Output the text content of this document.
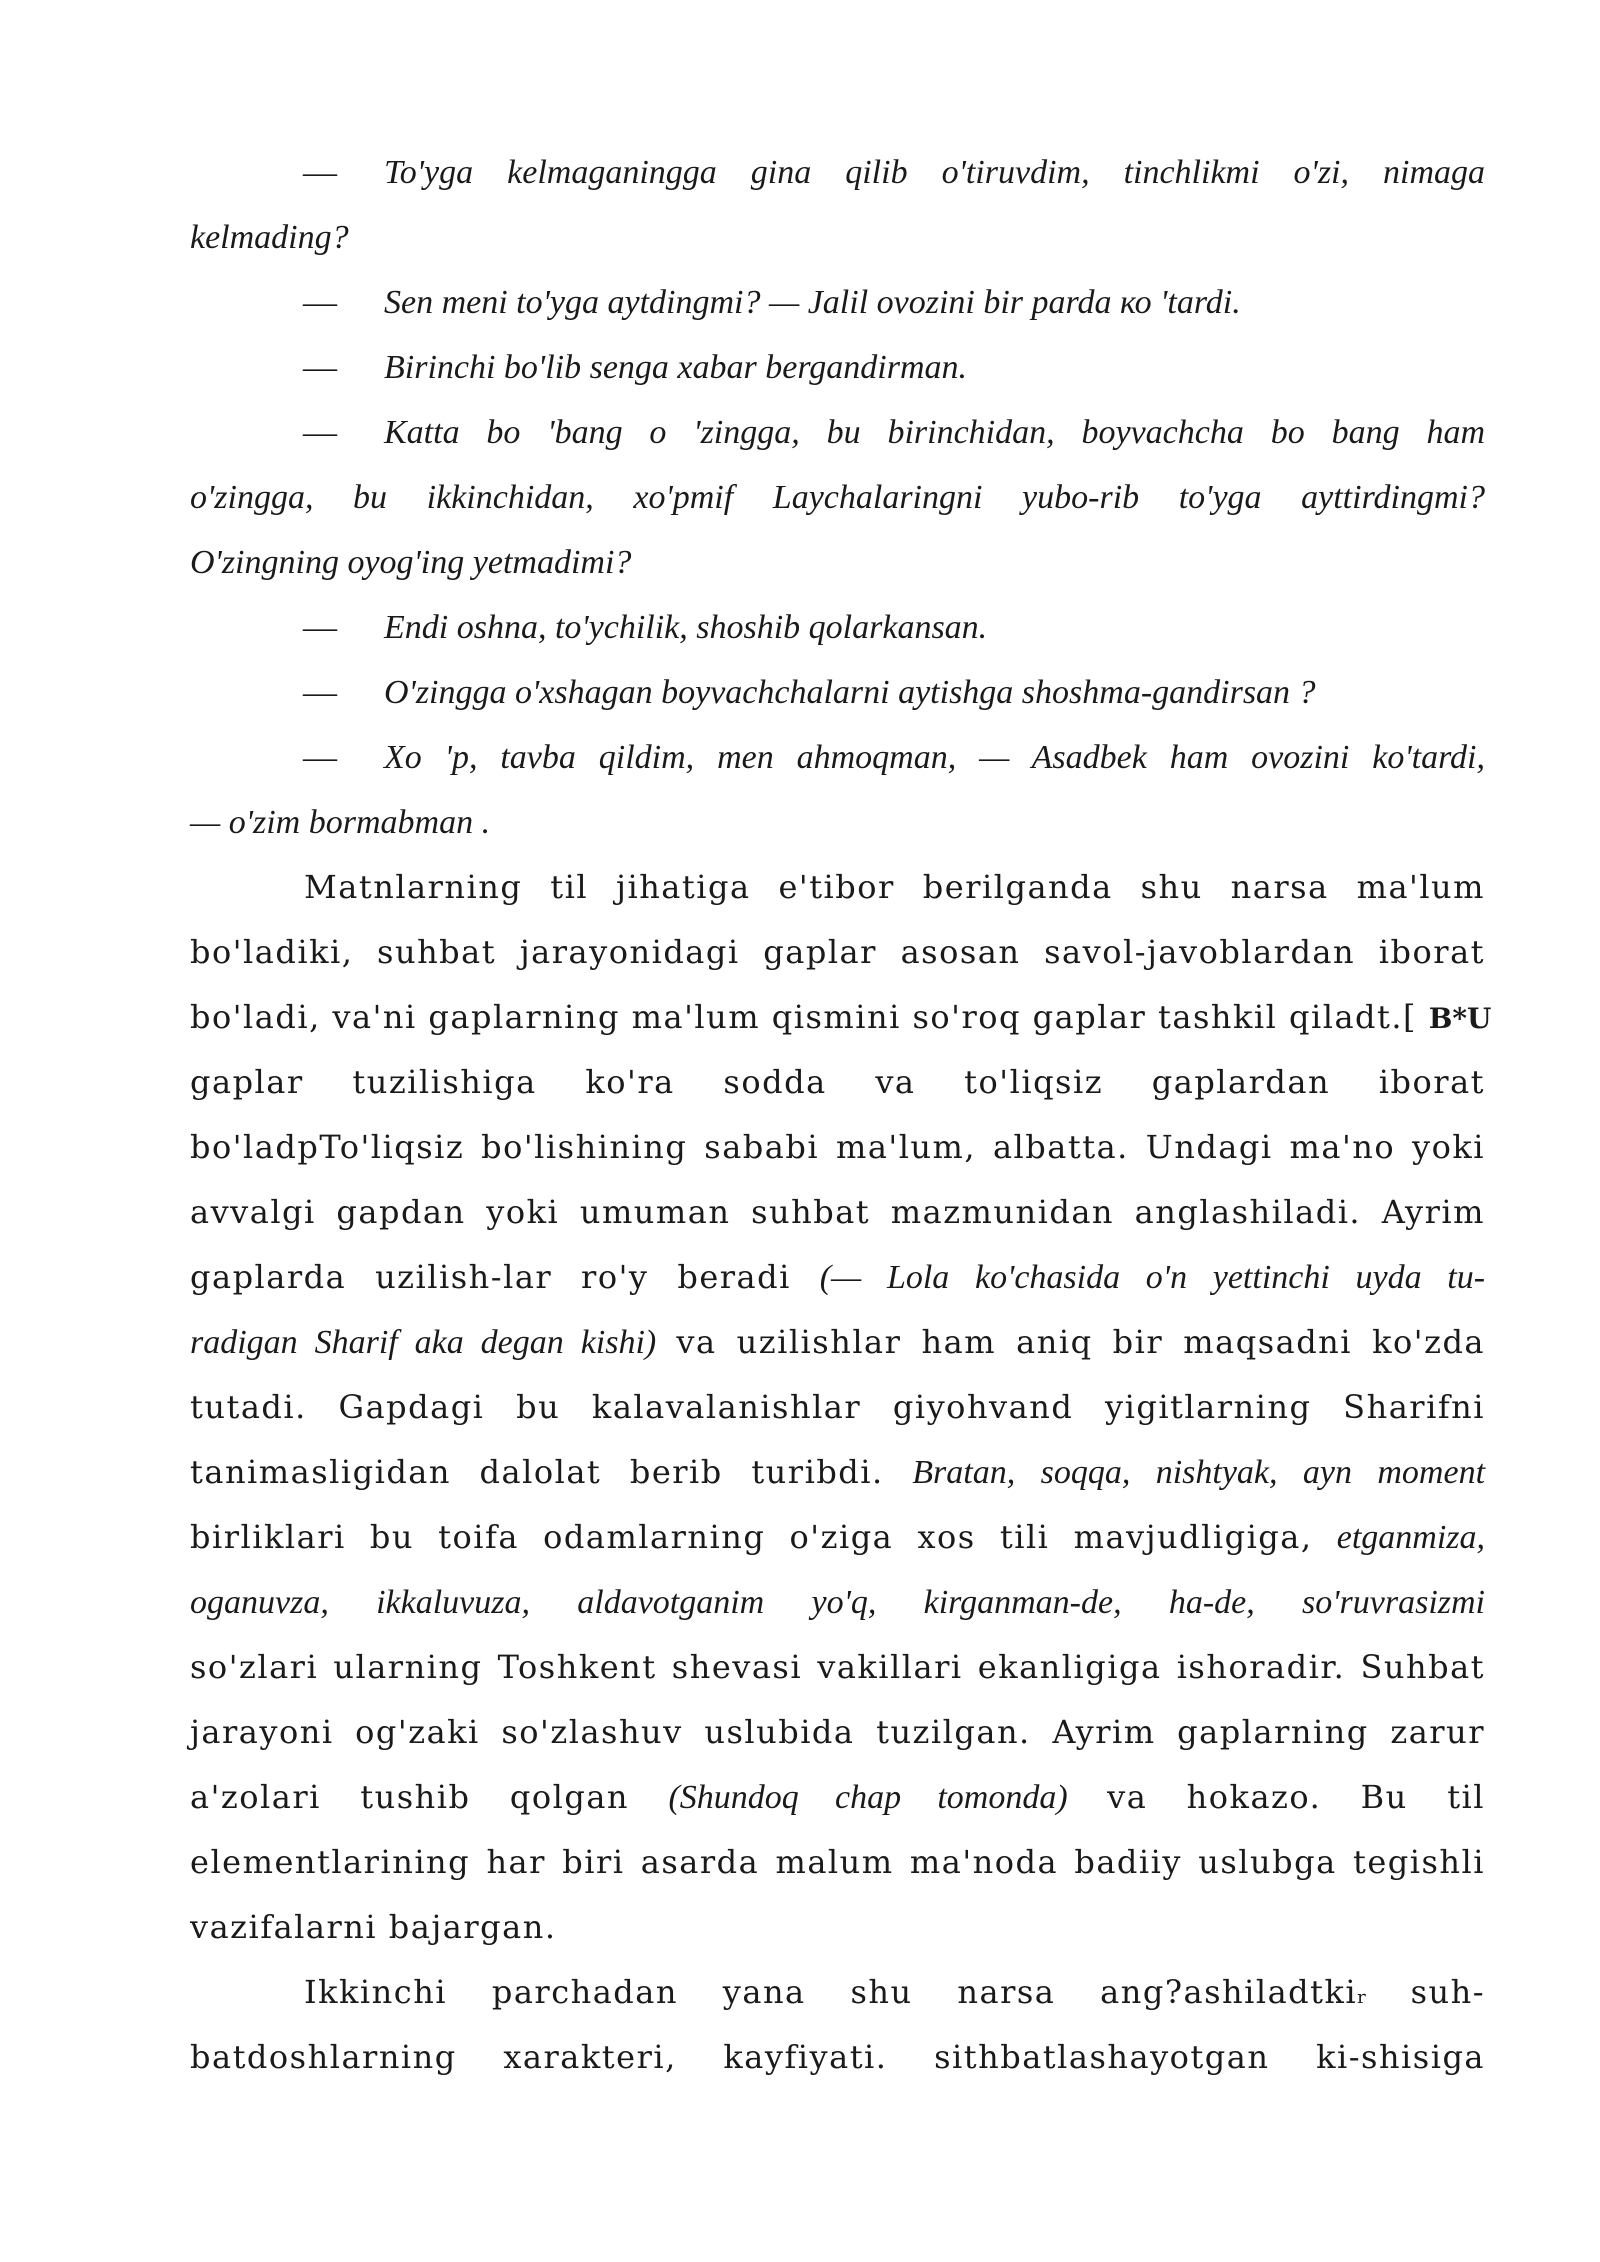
— To'yga kelmaganingga gina qilib o'tiruvdim, tinchlikmi o'zi, nimaga
kelmading?
— Sen meni to'yga aytdingmi? — Jalil ovozini bir parda ко 'tardi.
— Birinchi bo'lib senga xabar bergandirman.
— Katta bo 'bang o 'zingga, bu birinchidan, boyvachcha bo bang ham
o'zingga, bu ikkinchidan, xo'pmif Laychalaringni yubo-rib to'yga ayttirdingmi?
O'zingning oyog'ing yetmadimi?
— Endi oshna, to'ychilik, shoshib qolarkansan.
— O'zingga o'xshagan boyvachchalarni aytishga shoshma-gandirsan ?
— Xo 'p, tavba qildim, men ahmoqman, — Asadbek ham ovozini ko'tardi,
— o'zim bormabman .
Matnlarning til jihatiga e'tibor berilganda shu narsa ma'lum
bo'ladiki, suhbat jarayonidagi gaplar asosan savol-javoblardan iborat
bo'ladi, va'ni gaplarning ma'lum qismini so'roq gaplar tashkil qiladt.[ B*U
gaplar tuzilishiga ko'ra sodda va to'liqsiz gaplardan iborat
bo'ladpTo'liqsiz bo'lishining sababi ma'lum, albatta. Undagi ma'no yoki
avvalgi gapdan yoki umuman suhbat mazmunidan anglashiladi. Ayrim
gaplarda uzilish-lar ro'y beradi (— Lola ko'chasida o'n yettinchi uyda tu-
radigan Sharif aka degan kishi) va uzilishlar ham aniq bir maqsadni ko'zda
tutadi. Gapdagi bu kalavalanishlar giyohvand yigitlarning Sharifni
tanimasligidan dalolat berib turibdi. Bratan, soqqa, nishtyak, ayn moment
birliklari bu toifa odamlarning o'ziga xos tili mavjudligiga, etganmiza,
oganuvza, ikkaluvuza, aldavotganim yo'q, kirganman-de, ha-de, so'ruvrasizmi
so'zlari ularning Toshkent shevasi vakillari ekanligiga ishoradir. Suhbat
jarayoni og'zaki so'zlashuv uslubida tuzilgan. Ayrim gaplarning zarur
a'zolari tushib qolgan (Shundoq chap tomonda) va hokazo. Bu til
elementlarining har biri asarda malum ma'noda badiiy uslubga tegishli
vazifalarni bajargan.
Ikkinchi parchadan yana shu narsa ang?ashiladtkir suh-
batdoshlarning xarakteri, kayfiyati. sithbatlashayotgan ki-shisiga
